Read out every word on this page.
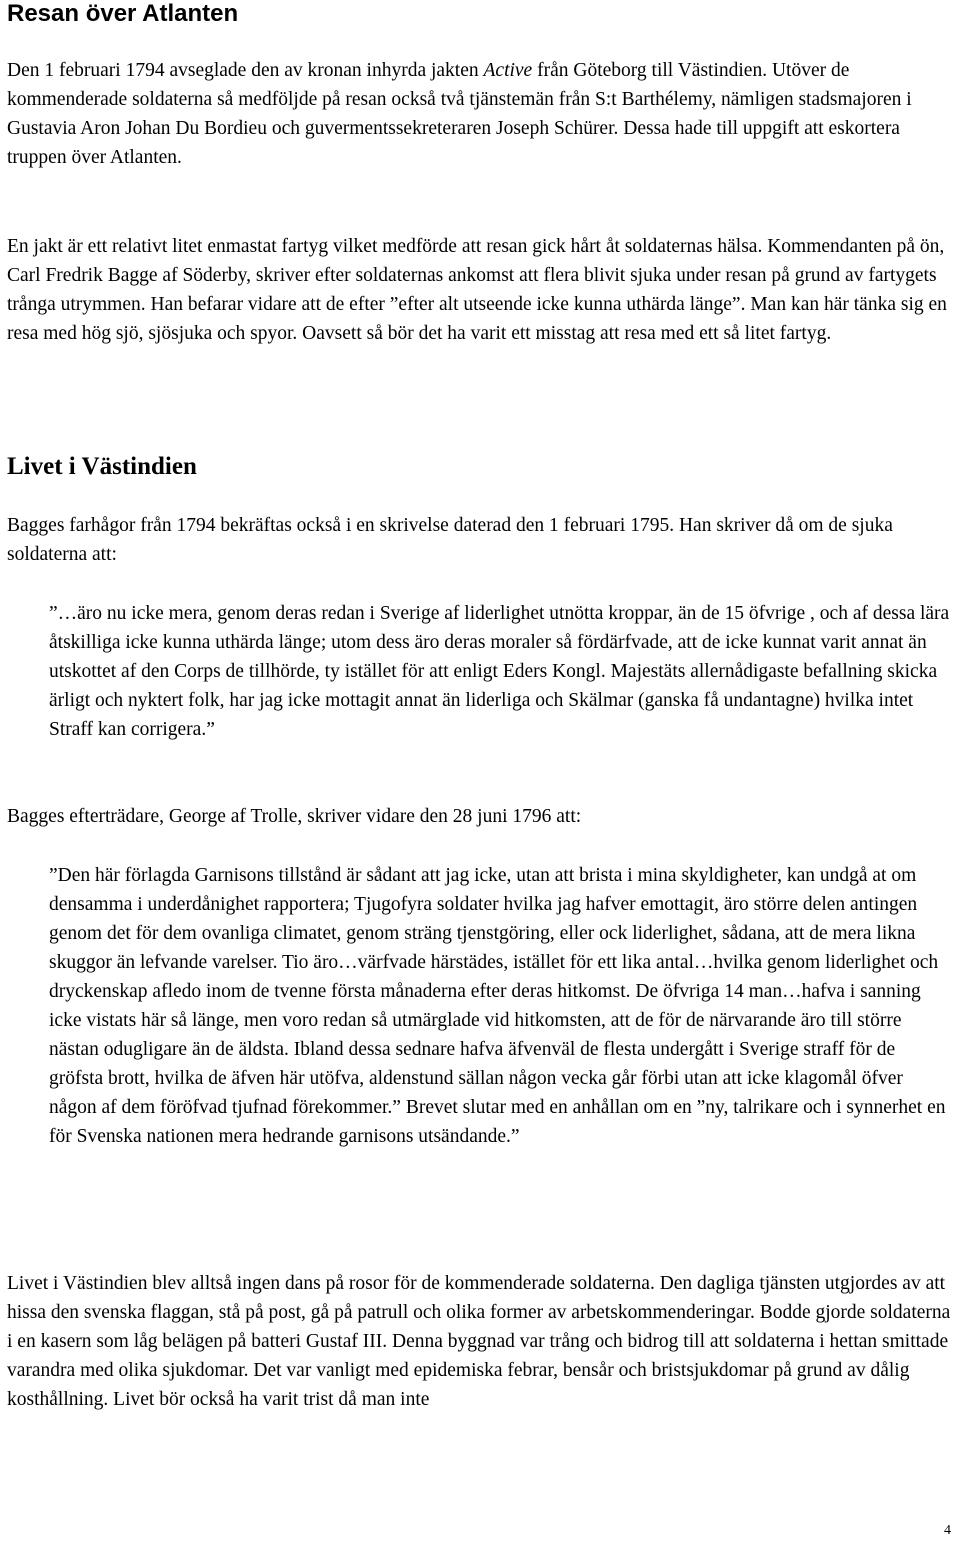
Resan över Atlanten

Den 1 februari 1794 avseglade den av kronan inhyrda jakten Active från Göteborg till Västindien. Utöver de kommenderade soldaterna så medföljde på resan också två tjänstemän från S:t Barthélemy, nämligen stadsmajoren i Gustavia Aron Johan Du Bordieu och guvermentssekreteraren Joseph Schürer. Dessa hade till uppgift att eskortera truppen över Atlanten.

En jakt är ett relativt litet enmastat fartyg vilket medförde att resan gick hårt åt soldaternas hälsa. Kommendanten på ön, Carl Fredrik Bagge af Söderby, skriver efter soldaternas ankomst att flera blivit sjuka under resan på grund av fartygets trånga utrymmen. Han befarar vidare att de efter ”efter alt utseende icke kunna uthärda länge”. Man kan här tänka sig en resa med hög sjö, sjösjuka och spyor. Oavsett så bör det ha varit ett misstag att resa med ett så litet fartyg.

Livet i Västindien

Bagges farhågor från 1794 bekräftas också i en skrivelse daterad den 1 februari 1795. Han skriver då om de sjuka soldaterna att:

”…äro nu icke mera, genom deras redan i Sverige af liderlighet utnötta kroppar, än de 15 öfvrige , och af dessa lära åtskilliga icke kunna uthärda länge; utom dess äro deras moraler så fördärfvade, att de icke kunnat varit annat än utskottet af den Corps de tillhörde, ty istället för att enligt Eders Kongl. Majestäts allernådigaste befallning skicka ärligt och nyktert folk, har jag icke mottagit annat än liderliga och Skälmar (ganska få undantagne) hvilka intet Straff kan corrigera.”

Bagges efterträdare, George af Trolle, skriver vidare den 28 juni 1796 att:

”Den här förlagda Garnisons tillstånd är sådant att jag icke, utan att brista i mina skyldigheter, kan undgå at om densamma i underdånighet rapportera; Tjugofyra soldater hvilka jag hafver emottagit, äro större delen antingen genom det för dem ovanliga climatet, genom sträng tjenstgöring, eller ock liderlighet, sådana, att de mera likna skuggor än lefvande varelser. Tio äro…värfvade härstädes, istället för ett lika antal…hvilka genom liderlighet och dryckenskap afledo inom de tvenne första månaderna efter deras hitkomst. De öfvriga 14 man…hafva i sanning icke vistats här så länge, men voro redan så utmärglade vid hitkomsten, att de för de närvarande äro till större nästan odugligare än de äldsta. Ibland dessa sednare hafva äfvenväl de flesta undergått i Sverige straff för de gröfsta brott, hvilka de äfven här utöfva, aldenstund sällan någon vecka går förbi utan att icke klagomål öfver någon af dem föröfvad tjufnad förekommer.” Brevet slutar med en anhållan om en ”ny, talrikare och i synnerhet en för Svenska nationen mera hedrande garnisons utsändande.”

Livet i Västindien blev alltså ingen dans på rosor för de kommenderade soldaterna. Den dagliga tjänsten utgjordes av att hissa den svenska flaggan, stå på post, gå på patrull och olika former av arbetskommenderingar. Bodde gjorde soldaterna i en kasern som låg belägen på batteri Gustaf III. Denna byggnad var trång och bidrog till att soldaterna i hettan smittade varandra med olika sjukdomar. Det var vanligt med epidemiska febrar, bensår och bristsjukdomar på grund av dålig kosthållning. Livet bör också ha varit trist då man inte

4
